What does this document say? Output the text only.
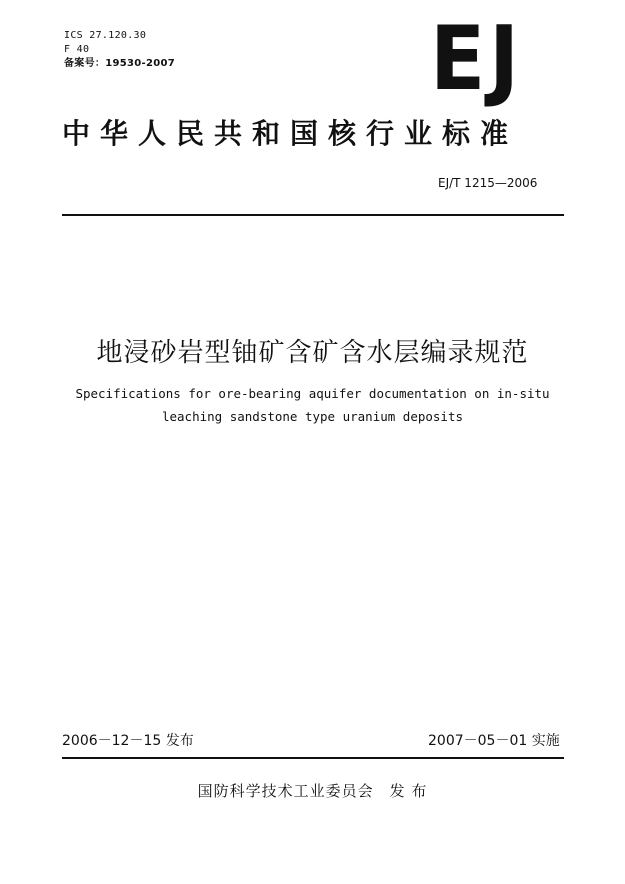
ICS 27.120.30
F 40
备案号：19530-2007	EJ
中华人民共和国核行业标准
EJ/T 1215—2006
地浸砂岩型铀矿含矿含水层编录规范
Specifications for ore-bearing aquifer documentation on in-situ
leaching sandstone type uranium deposits
2006－12－15 发布	2007－05－01 实施
国防科学技术工业委员会　发 布
